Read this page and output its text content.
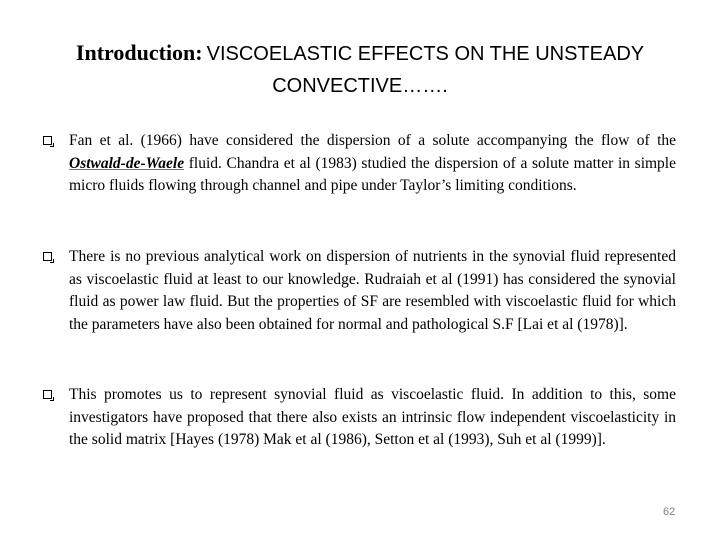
Introduction: VISCOELASTIC EFFECTS ON THE UNSTEADY CONVECTIVE…….
Fan et al. (1966) have considered the dispersion of a solute accompanying the flow of the Ostwald-de-Waele fluid. Chandra et al (1983) studied the dispersion of a solute matter in simple micro fluids flowing through channel and pipe under Taylor’s limiting conditions.
There is no previous analytical work on dispersion of nutrients in the synovial fluid represented as viscoelastic fluid at least to our knowledge. Rudraiah et al (1991) has considered the synovial fluid as power law fluid. But the properties of SF are resembled with viscoelastic fluid for which the parameters have also been obtained for normal and pathological S.F [Lai et al (1978)].
This promotes us to represent synovial fluid as viscoelastic fluid. In addition to this, some investigators have proposed that there also exists an intrinsic flow independent viscoelasticity in the solid matrix [Hayes (1978) Mak et al (1986), Setton et al (1993), Suh et al (1999)].
62
